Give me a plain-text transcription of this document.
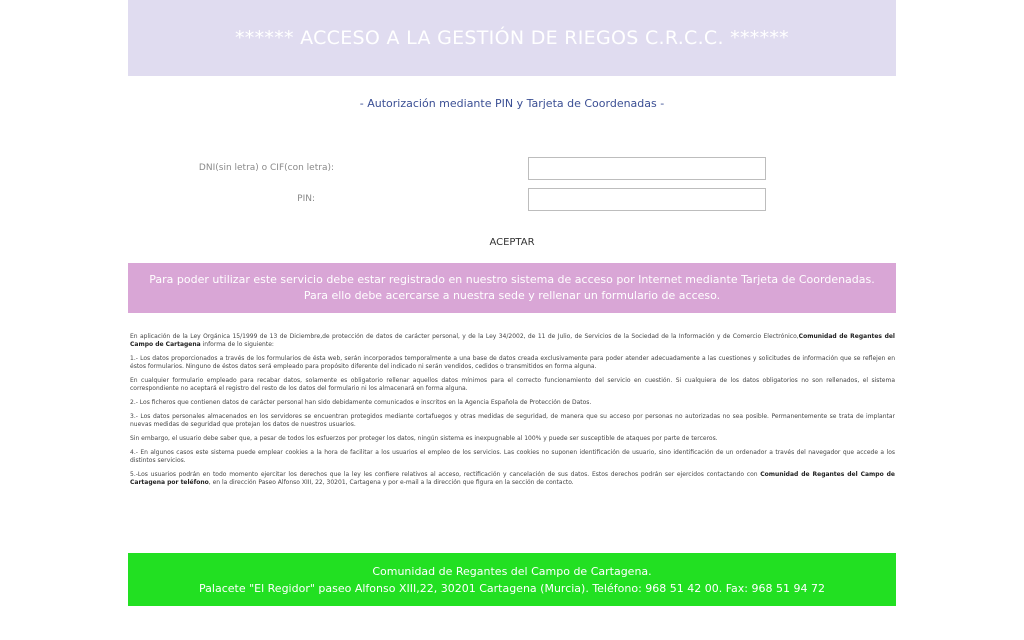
****** ACCESO A LA GESTIÓN DE RIEGOS C.R.C.C. ******
- Autorización mediante PIN y Tarjeta de Coordenadas -
DNI(sin letra) o CIF(con letra):
PIN:
ACEPTAR
Para poder utilizar este servicio debe estar registrado en nuestro sistema de acceso por Internet mediante Tarjeta de Coordenadas.
Para ello debe acercarse a nuestra sede y rellenar un formulario de acceso.

En aplicación de la Ley Orgánica 15/1999 de 13 de Diciembre,de protección de datos de carácter personal, y de la Ley 34/2002, de 11 de Julio, de Servicios de la Sociedad de la Información y de Comercio Electrónico,Comunidad de Regantes del Campo de Cartagena informa de lo siguiente:

1.- Los datos proporcionados a través de los formularios de ésta web, serán incorporados temporalmente a una base de datos creada exclusivamente para poder atender adecuadamente a las cuestiones y solicitudes de información que se reflejen en éstos formularios. Ninguno de éstos datos será empleado para propósito diferente del indicado ni serán vendidos, cedidos o transmitidos en forma alguna.

En cualquier formulario empleado para recabar datos, solamente es obligatorio rellenar aquellos datos mínimos para el correcto funcionamiento del servicio en cuestión. Si cualquiera de los datos obligatorios no son rellenados, el sistema correspondiente no aceptará el registro del resto de los datos del formulario ni los almacenará en forma alguna.

2.- Los ficheros que contienen datos de carácter personal han sido debidamente comunicados e inscritos en la Agencia Española de Protección de Datos.

3.- Los datos personales almacenados en los servidores se encuentran protegidos mediante cortafuegos y otras medidas de seguridad, de manera que su acceso por personas no autorizadas no sea posible. Permanentemente se trata de implantar nuevas medidas de seguridad que protejan los datos de nuestros usuarios.

Sin embargo, el usuario debe saber que, a pesar de todos los esfuerzos por proteger los datos, ningún sistema es inexpugnable al 100% y puede ser susceptible de ataques por parte de terceros.

4.- En algunos casos este sistema puede emplear cookies a la hora de facilitar a los usuarios el empleo de los servicios. Las cookies no suponen identificación de usuario, sino identificación de un ordenador a través del navegador que accede a los distintos servicios.

5.-Los usuarios podrán en todo momento ejercitar los derechos que la ley les confiere relativos al acceso, rectificación y cancelación de sus datos. Estos derechos podrán ser ejercidos contactando con Comunidad de Regantes del Campo de Cartagena por teléfono, en la dirección Paseo Alfonso XIII, 22, 30201, Cartagena y por e-mail a la dirección que figura en la sección de contacto.

Comunidad de Regantes del Campo de Cartagena.
Palacete "El Regidor" paseo Alfonso XIII,22, 30201 Cartagena (Murcia). Teléfono: 968 51 42 00. Fax: 968 51 94 72
